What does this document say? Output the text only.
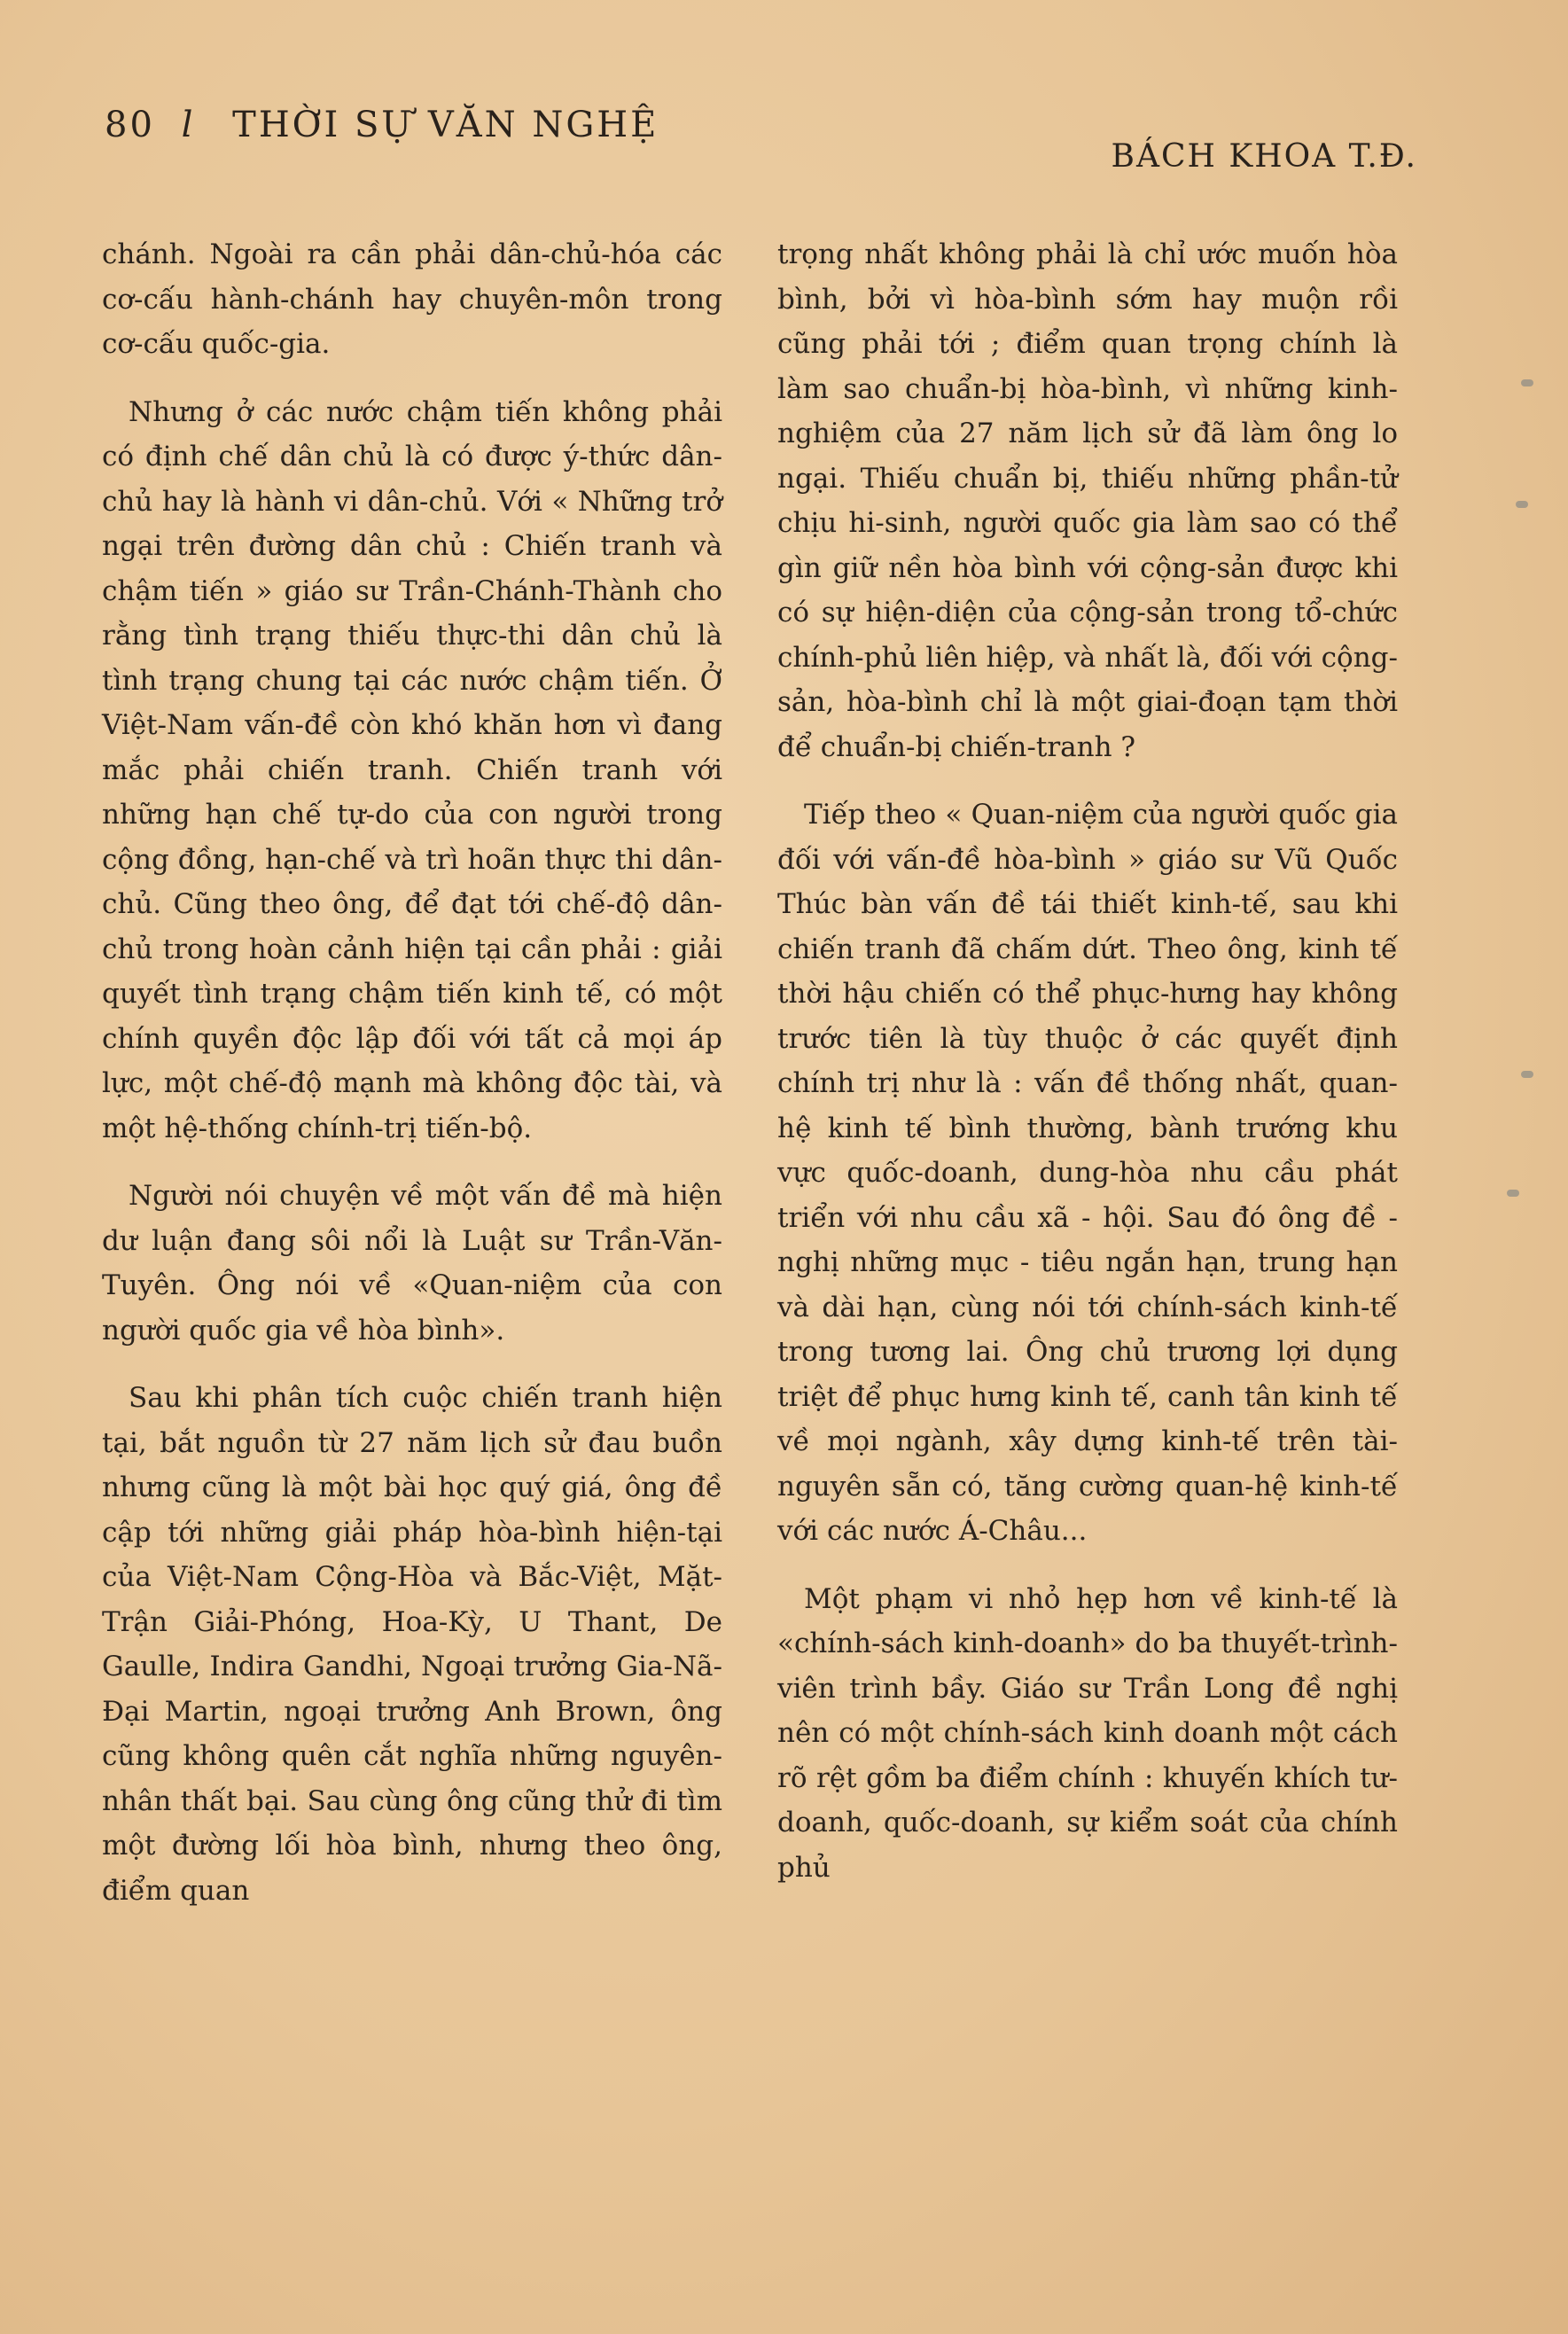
80 l THỜI SỰ VĂN NGHỆ
BÁCH KHOA T.Đ.

chánh. Ngoài ra cần phải dân-chủ-hóa các cơ-cấu hành-chánh hay chuyên-môn trong cơ-cấu quốc-gia.

Nhưng ở các nước chậm tiến không phải có định chế dân chủ là có được ý-thức dân-chủ hay là hành vi dân-chủ. Với « Những trở ngại trên đường dân chủ : Chiến tranh và chậm tiến » giáo sư Trần-Chánh-Thành cho rằng tình trạng thiếu thực-thi dân chủ là tình trạng chung tại các nước chậm tiến. Ở Việt-Nam vấn-đề còn khó khăn hơn vì đang mắc phải chiến tranh. Chiến tranh với những hạn chế tự-do của con người trong cộng đồng, hạn-chế và trì hoãn thực thi dân-chủ. Cũng theo ông, để đạt tới chế-độ dân-chủ trong hoàn cảnh hiện tại cần phải : giải quyết tình trạng chậm tiến kinh tế, có một chính quyền độc lập đối với tất cả mọi áp lực, một chế-độ mạnh mà không độc tài, và một hệ-thống chính-trị tiến-bộ.

Người nói chuyện về một vấn đề mà hiện dư luận đang sôi nổi là Luật sư Trần-Văn-Tuyên. Ông nói về «Quan-niệm của con người quốc gia về hòa bình».

Sau khi phân tích cuộc chiến tranh hiện tại, bắt nguồn từ 27 năm lịch sử đau buồn nhưng cũng là một bài học quý giá, ông đề cập tới những giải pháp hòa-bình hiện-tại của Việt-Nam Cộng-Hòa và Bắc-Việt, Mặt-Trận Giải-Phóng, Hoa-Kỳ, U Thant, De Gaulle, Indira Gandhi, Ngoại trưởng Gia-Nã-Đại Martin, ngoại trưởng Anh Brown, ông cũng không quên cắt nghĩa những nguyên-nhân thất bại. Sau cùng ông cũng thử đi tìm một đường lối hòa bình, nhưng theo ông, điểm quan

trọng nhất không phải là chỉ ước muốn hòa bình, bởi vì hòa-bình sớm hay muộn rồi cũng phải tới ; điểm quan trọng chính là làm sao chuẩn-bị hòa-bình, vì những kinh-nghiệm của 27 năm lịch sử đã làm ông lo ngại. Thiếu chuẩn bị, thiếu những phần-tử chịu hi-sinh, người quốc gia làm sao có thể gìn giữ nền hòa bình với cộng-sản được khi có sự hiện-diện của cộng-sản trong tổ-chức chính-phủ liên hiệp, và nhất là, đối với cộng-sản, hòa-bình chỉ là một giai-đoạn tạm thời để chuẩn-bị chiến-tranh ?

Tiếp theo « Quan-niệm của người quốc gia đối với vấn-đề hòa-bình » giáo sư Vũ Quốc Thúc bàn vấn đề tái thiết kinh-tế, sau khi chiến tranh đã chấm dứt. Theo ông, kinh tế thời hậu chiến có thể phục-hưng hay không trước tiên là tùy thuộc ở các quyết định chính trị như là : vấn đề thống nhất, quan-hệ kinh tế bình thường, bành trướng khu vực quốc-doanh, dung-hòa nhu cầu phát triển với nhu cầu xã - hội. Sau đó ông đề - nghị những mục - tiêu ngắn hạn, trung hạn và dài hạn, cùng nói tới chính-sách kinh-tế trong tương lai. Ông chủ trương lợi dụng triệt để phục hưng kinh tế, canh tân kinh tế về mọi ngành, xây dựng kinh-tế trên tài-nguyên sẵn có, tăng cường quan-hệ kinh-tế với các nước Á-Châu...

Một phạm vi nhỏ hẹp hơn về kinh-tế là «chính-sách kinh-doanh» do ba thuyết-trình-viên trình bầy. Giáo sư Trần Long đề nghị nên có một chính-sách kinh doanh một cách rõ rệt gồm ba điểm chính : khuyến khích tư-doanh, quốc-doanh, sự kiểm soát của chính phủ
